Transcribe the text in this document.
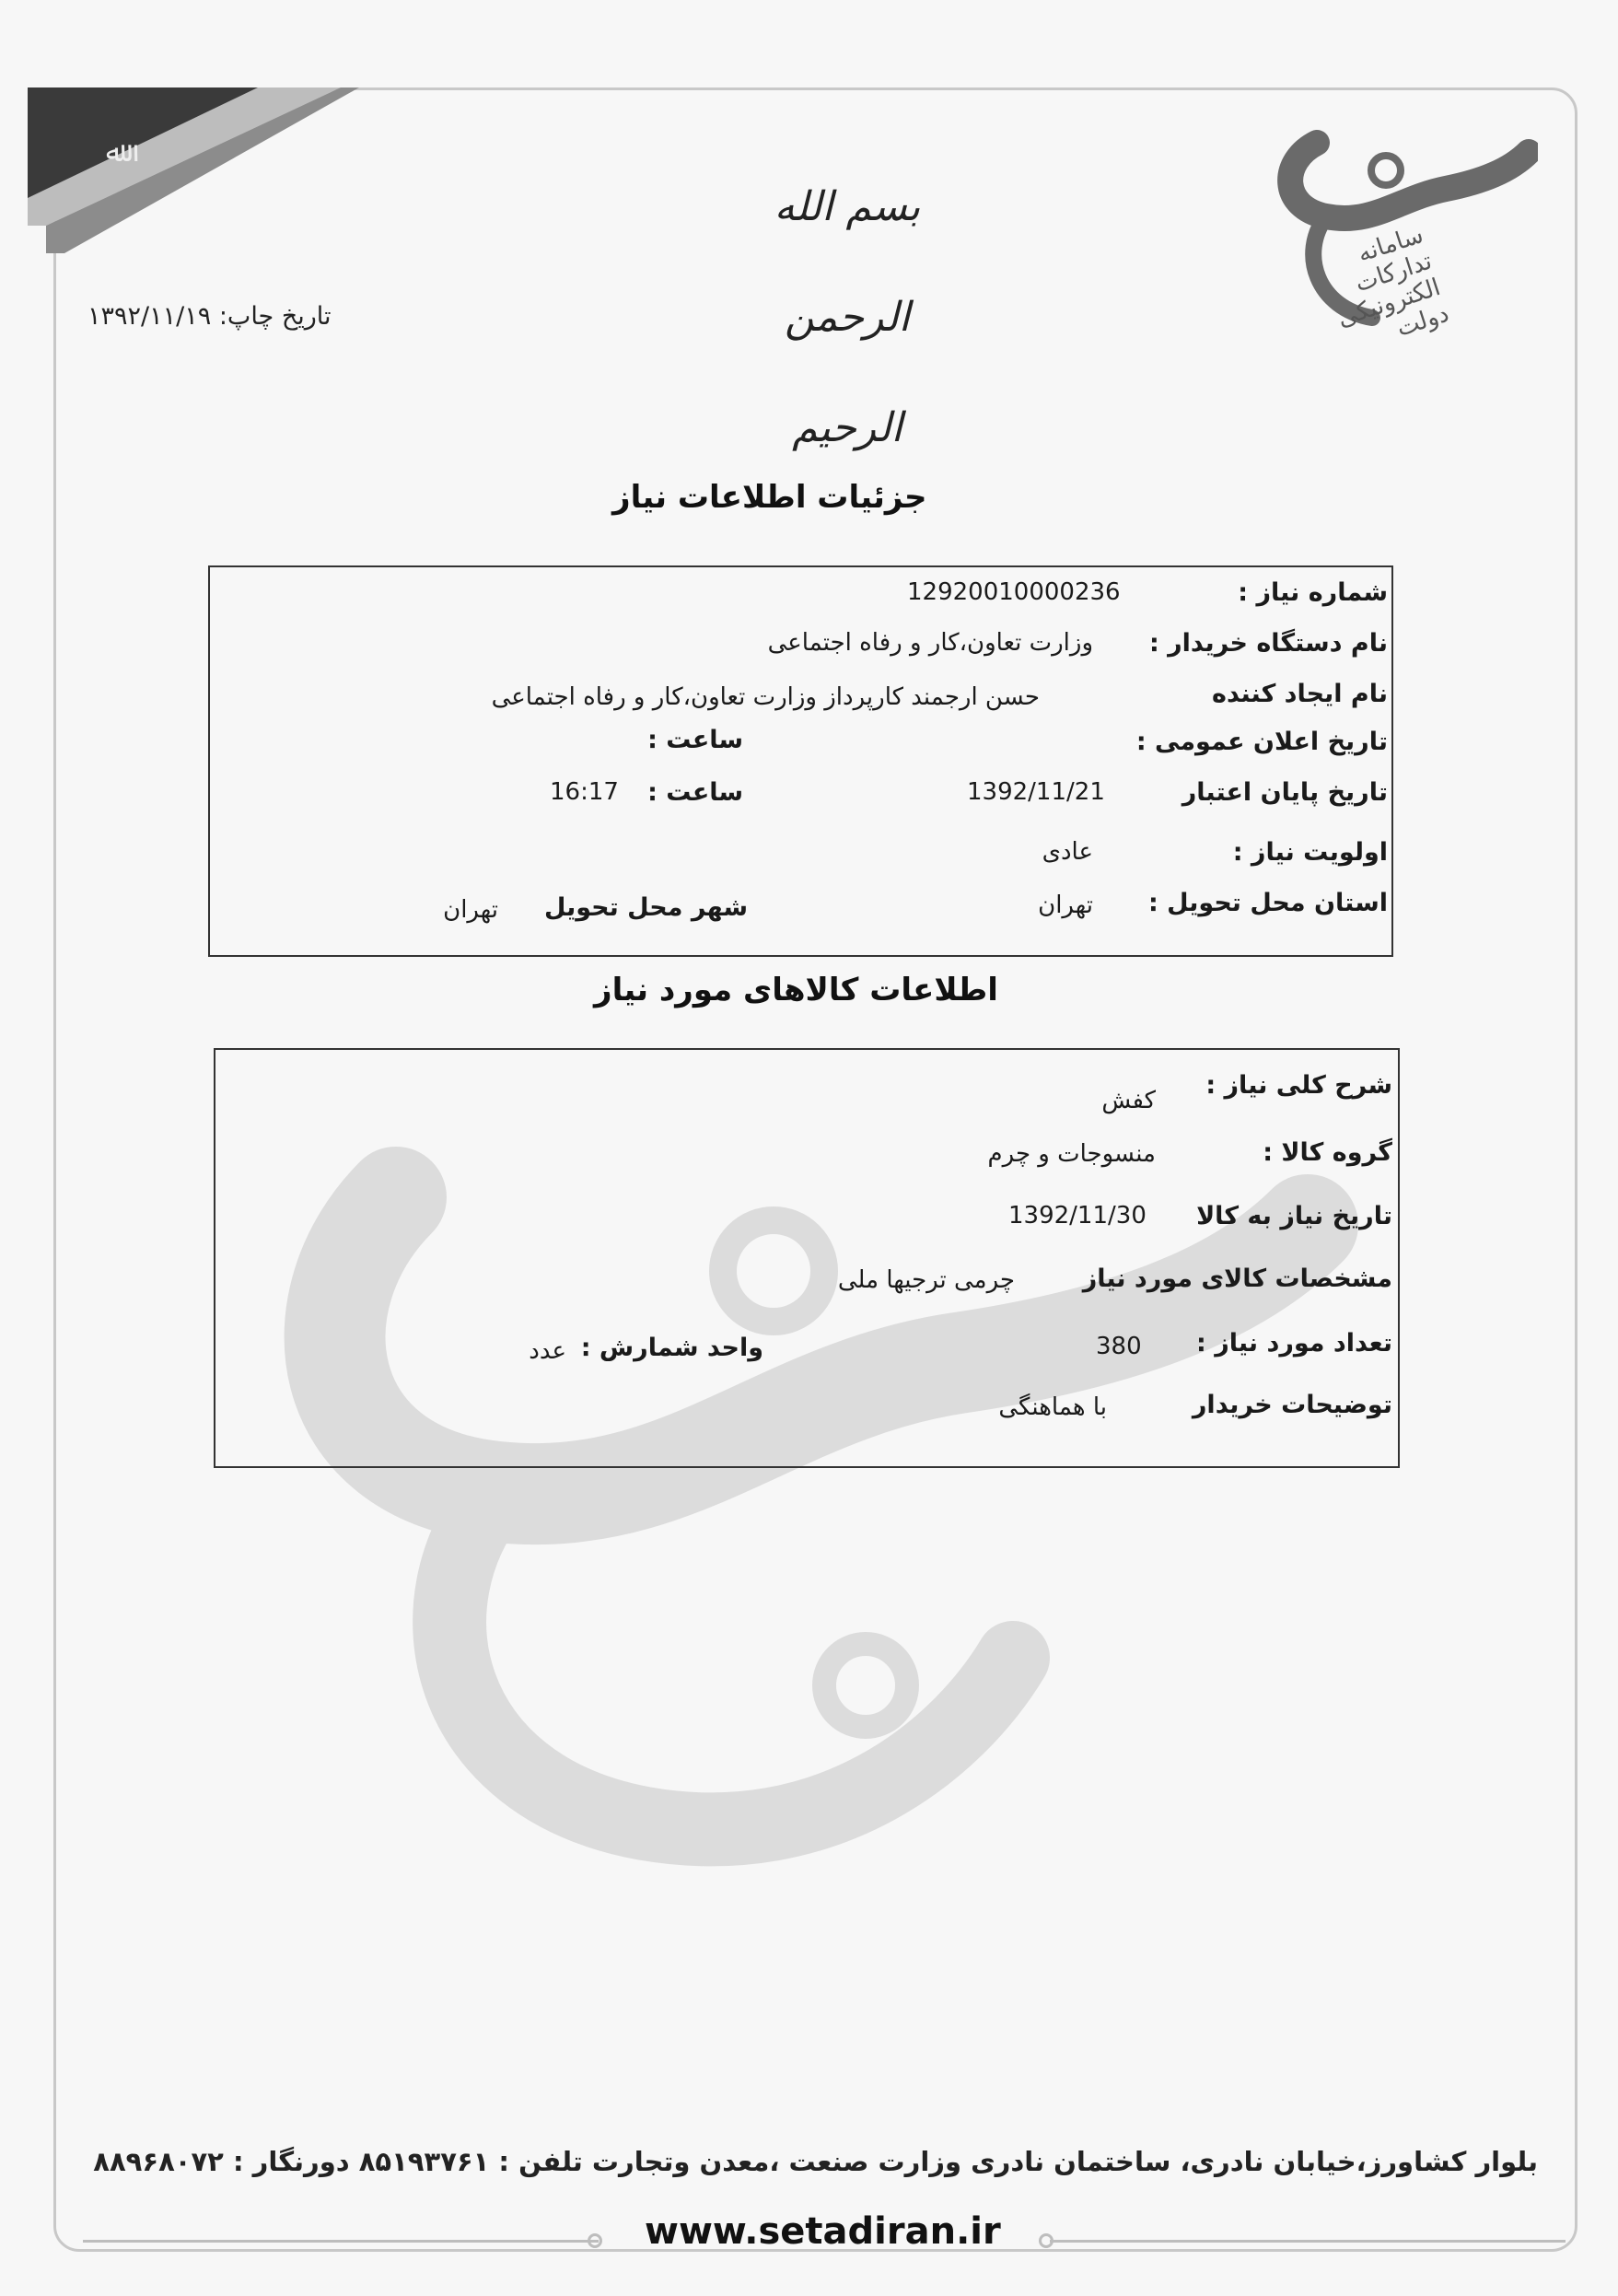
ﷲ
سامانه تدارکات الکترونیکی دولت
بسم الله الرحمن الرحیم
تاریخ چاپ: ۱۳۹۲/۱۱/۱۹
جزئیات اطلاعات نیاز
شماره نیاز :
12920010000236
نام دستگاه خریدار :
وزارت تعاون،کار و رفاه اجتماعی
نام ایجاد کننده
حسن ارجمند کارپرداز وزارت تعاون،کار و رفاه اجتماعی
تاریخ اعلان عمومی :
ساعت :
تاریخ پایان اعتبار
1392/11/21
ساعت :
16:17
اولویت نیاز :
عادی
استان محل تحویل :
تهران
شهر محل تحویل
تهران
اطلاعات کالاهای مورد نیاز
شرح کلی نیاز :
کفش
گروه کالا :
منسوجات و چرم
تاریخ نیاز به کالا
1392/11/30
مشخصات کالای مورد نیاز
چرمی ترجیها ملی
تعداد مورد نیاز :
380
واحد شمارش :
عدد
توضیحات خریدار
با هماهنگی
بلوار کشاورز،خیابان نادری، ساختمان نادری وزارت صنعت ،معدن وتجارت تلفن : ۸۵۱۹۳۷۶۱ دورنگار : ۸۸۹۶۸۰۷۲
www.setadiran.ir
